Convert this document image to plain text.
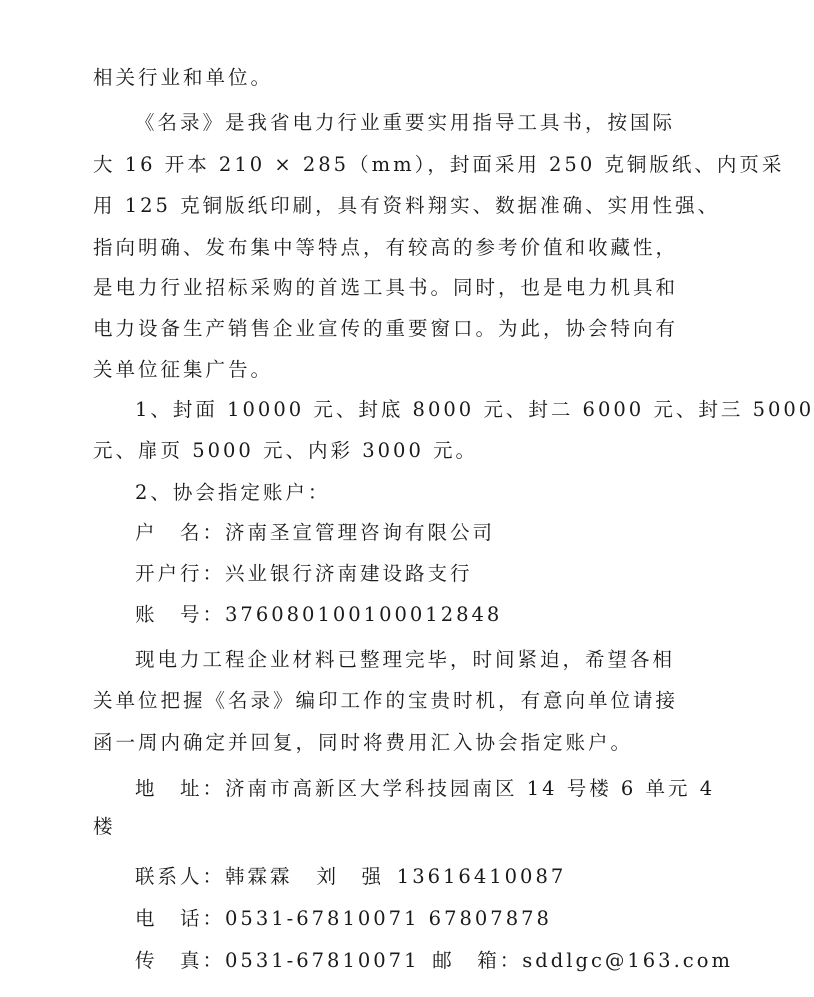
相关行业和单位。
《名录》是我省电力行业重要实用指导工具书，按国际
大 16 开本 210 × 285（mm），封面采用 250 克铜版纸、内页采
用 125 克铜版纸印刷，具有资料翔实、数据准确、实用性强、
指向明确、发布集中等特点，有较高的参考价值和收藏性，
是电力行业招标采购的首选工具书。同时，也是电力机具和
电力设备生产销售企业宣传的重要窗口。为此，协会特向有
关单位征集广告。
1、封面 10000 元、封底 8000 元、封二 6000 元、封三 5000
元、扉页 5000 元、内彩 3000 元。
2、协会指定账户：
户　名：济南圣宣管理咨询有限公司
开户行：兴业银行济南建设路支行
账　号：376080100100012848
现电力工程企业材料已整理完毕，时间紧迫，希望各相
关单位把握《名录》编印工作的宝贵时机，有意向单位请接
函一周内确定并回复，同时将费用汇入协会指定账户。
地　址：济南市高新区大学科技园南区 14 号楼 6 单元 4
楼
联系人：韩霖霖 刘　强  13616410087
电　话：0531-67810071 67807878
传　真：0531-67810071  邮　箱：sddlgc@163.com
